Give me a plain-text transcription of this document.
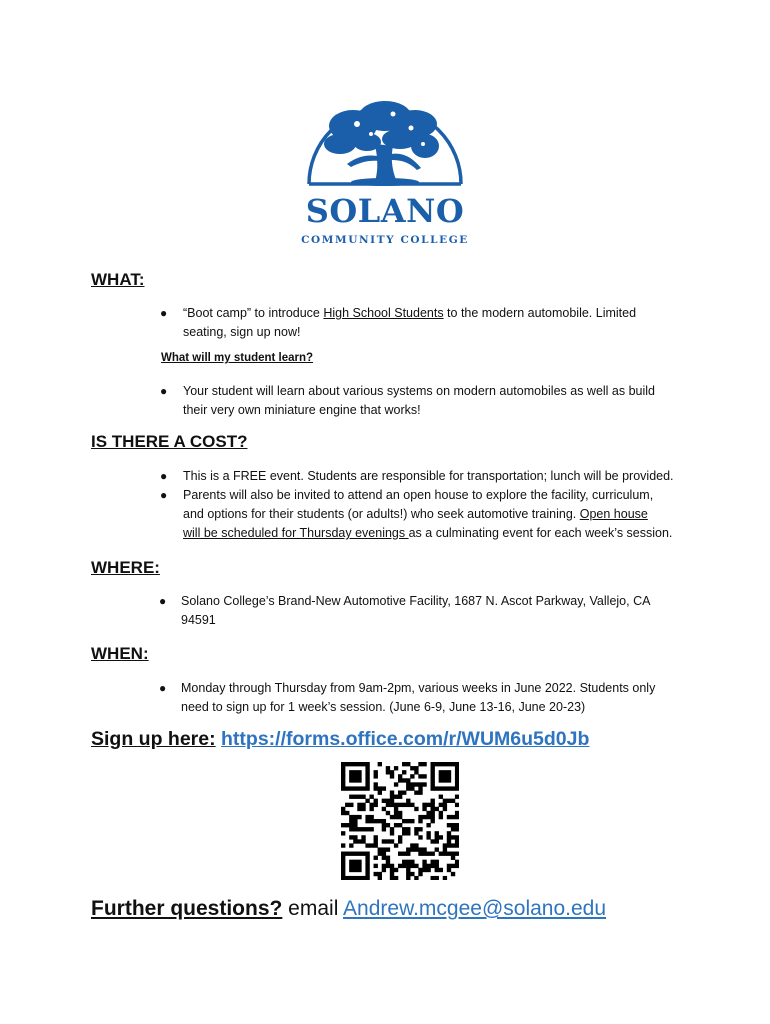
SOLANO
COMMUNITY COLLEGE
WHAT:
● “Boot camp” to introduce High School Students to the modern automobile. Limited
seating, sign up now!
What will my student learn?
● Your student will learn about various systems on modern automobiles as well as build
their very own miniature engine that works!
IS THERE A COST?
● This is a FREE event. Students are responsible for transportation; lunch will be provided.
● Parents will also be invited to attend an open house to explore the facility, curriculum,
and options for their students (or adults!) who seek automotive training. Open house
will be scheduled for Thursday evenings as a culminating event for each week’s session.
WHERE:
● Solano College’s Brand-New Automotive Facility, 1687 N. Ascot Parkway, Vallejo, CA
94591
WHEN:
● Monday through Thursday from 9am-2pm, various weeks in June 2022. Students only
need to sign up for 1 week’s session. (June 6-9, June 13-16, June 20-23)
Sign up here: https://forms.office.com/r/WUM6u5d0Jb
Further questions? email Andrew.mcgee@solano.edu
